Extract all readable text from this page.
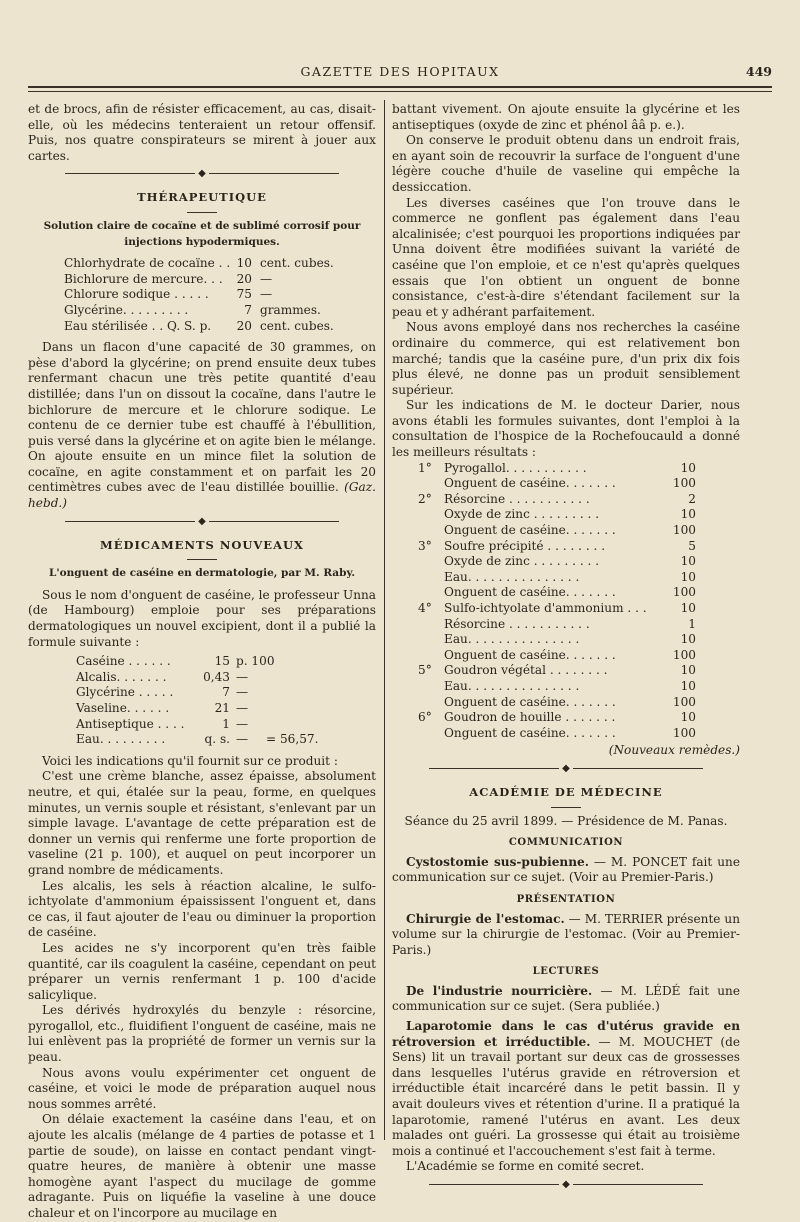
GAZETTE DES HOPITAUX	449

et de brocs, afin de résister efficacement, au cas, disait-elle, où les médecins tenteraient un retour offensif. Puis, nos quatre conspirateurs se mirent à jouer aux cartes.

◆
THÉRAPEUTIQUE
Solution claire de cocaïne et de sublimé corrosif pour injections hypodermiques.
Chlorhydrate de cocaïne . . 10 cent. cubes.
Bichlorure de mercure. . .	20 —
Chlorure sodique . . . . .	75 —
Glycérine. . . . . . . . .	7 grammes.
Eau stérilisée . . Q. S. p.	20 cent. cubes.

Dans un flacon d'une capacité de 30 grammes, on pèse d'abord la glycérine; on prend ensuite deux tubes renfermant chacun une très petite quantité d'eau distillée; dans l'un on dissout la cocaïne, dans l'autre le bichlorure de mercure et le chlorure sodique. Le contenu de ce dernier tube est chauffé à l'ébullition, puis versé dans la glycérine et on agite bien le mélange. On ajoute ensuite en un mince filet la solution de cocaïne, en agite constamment et on parfait les 20 centimètres cubes avec de l'eau distillée bouillie. (Gaz. hebd.)

◆
MÉDICAMENTS NOUVEAUX
L'onguent de caséine en dermatologie, par M. Raby.

Sous le nom d'onguent de caséine, le professeur Unna (de Hambourg) emploie pour ses préparations dermatologiques un nouvel excipient, dont il a publié la formule suivante :

Caséine . . . . . .	15 p. 100
Alcalis. . . . . . .	0,43 —
Glycérine . . . . .	7 —
Vaseline. . . . . .	21 —
Antiseptique . . . .	1 —
Eau. . . . . . . . .	q. s. —	= 56,57.

Voici les indications qu'il fournit sur ce produit :

C'est une crème blanche, assez épaisse, absolument neutre, et qui, étalée sur la peau, forme, en quelques minutes, un vernis souple et résistant, s'enlevant par un simple lavage. L'avantage de cette préparation est de donner un vernis qui renferme une forte proportion de vaseline (21 p. 100), et auquel on peut incorporer un grand nombre de médicaments.

Les alcalis, les sels à réaction alcaline, le sulfo-ichtyolate d'ammonium épaississent l'onguent et, dans ce cas, il faut ajouter de l'eau ou diminuer la proportion de caséine.

Les acides ne s'y incorporent qu'en très faible quantité, car ils coagulent la caséine, cependant on peut préparer un vernis renfermant 1 p. 100 d'acide salicylique.

Les dérivés hydroxylés du benzyle : résorcine, pyrogallol, etc., fluidifient l'onguent de caséine, mais ne lui enlèvent pas la propriété de former un vernis sur la peau.

Nous avons voulu expérimenter cet onguent de caséine, et voici le mode de préparation auquel nous nous sommes arrêté.

On délaie exactement la caséine dans l'eau, et on ajoute les alcalis (mélange de 4 parties de potasse et 1 partie de soude), on laisse en contact pendant vingt-quatre heures, de manière à obtenir une masse homogène ayant l'aspect du mucilage de gomme adragante. Puis on liquéfie la vaseline à une douce chaleur et on l'incorpore au mucilage en

battant vivement. On ajoute ensuite la glycérine et les antiseptiques (oxyde de zinc et phénol ââ p. e.).

On conserve le produit obtenu dans un endroit frais, en ayant soin de recouvrir la surface de l'onguent d'une légère couche d'huile de vaseline qui empêche la dessiccation.

Les diverses caséines que l'on trouve dans le commerce ne gonflent pas également dans l'eau alcalinisée; c'est pourquoi les proportions indiquées par Unna doivent être modifiées suivant la variété de caséine que l'on emploie, et ce n'est qu'après quelques essais que l'on obtient un onguent de bonne consistance, c'est-à-dire s'étendant facilement sur la peau et y adhérant parfaitement.

Nous avons employé dans nos recherches la caséine ordinaire du commerce, qui est relativement bon marché; tandis que la caséine pure, d'un prix dix fois plus élevé, ne donne pas un produit sensiblement supérieur.

Sur les indications de M. le docteur Darier, nous avons établi les formules suivantes, dont l'emploi à la consultation de l'hospice de la Rochefoucauld a donné les meilleurs résultats :

1°	Pyrogallol. . . . . . . . . . .	10
Onguent de caséine. . . . . . .	100
2°	Résorcine . . . . . . . . . . .	2
Oxyde de zinc . . . . . . . . .	10
Onguent de caséine. . . . . . .	100
3°	Soufre précipité . . . . . . . .	5
Oxyde de zinc . . . . . . . . .	10
Eau. . . . . . . . . . . . . . .	10
Onguent de caséine. . . . . . .	100
4°	Sulfo-ichtyolate d'ammonium . . .	10
Résorcine . . . . . . . . . . .	1
Eau. . . . . . . . . . . . . . .	10
Onguent de caséine. . . . . . .	100
5°	Goudron végétal . . . . . . . .	10
Eau. . . . . . . . . . . . . . .	10
Onguent de caséine. . . . . . .	100
6°	Goudron de houille . . . . . . .	10
Onguent de caséine. . . . . . .	100
(Nouveaux remèdes.)
◆
ACADÉMIE DE MÉDECINE
Séance du 25 avril 1899. — Présidence de M. Panas.
COMMUNICATION

Cystostomie sus-pubienne. — M. PONCET fait une communication sur ce sujet. (Voir au Premier-Paris.)

PRÉSENTATION

Chirurgie de l'estomac. — M. TERRIER présente un volume sur la chirurgie de l'estomac. (Voir au Premier-Paris.)

LECTURES

De l'industrie nourricière. — M. LÉDÉ fait une communication sur ce sujet. (Sera publiée.)

Laparotomie dans le cas d'utérus gravide en rétroversion et irréductible. — M. MOUCHET (de Sens) lit un travail portant sur deux cas de grossesses dans lesquelles l'utérus gravide en rétroversion et irréductible était incarcéré dans le petit bassin. Il y avait douleurs vives et rétention d'urine. Il a pratiqué la laparotomie, ramené l'utérus en avant. Les deux malades ont guéri. La grossesse qui était au troisième mois a continué et l'accouchement s'est fait à terme.

L'Académie se forme en comité secret.

◆
